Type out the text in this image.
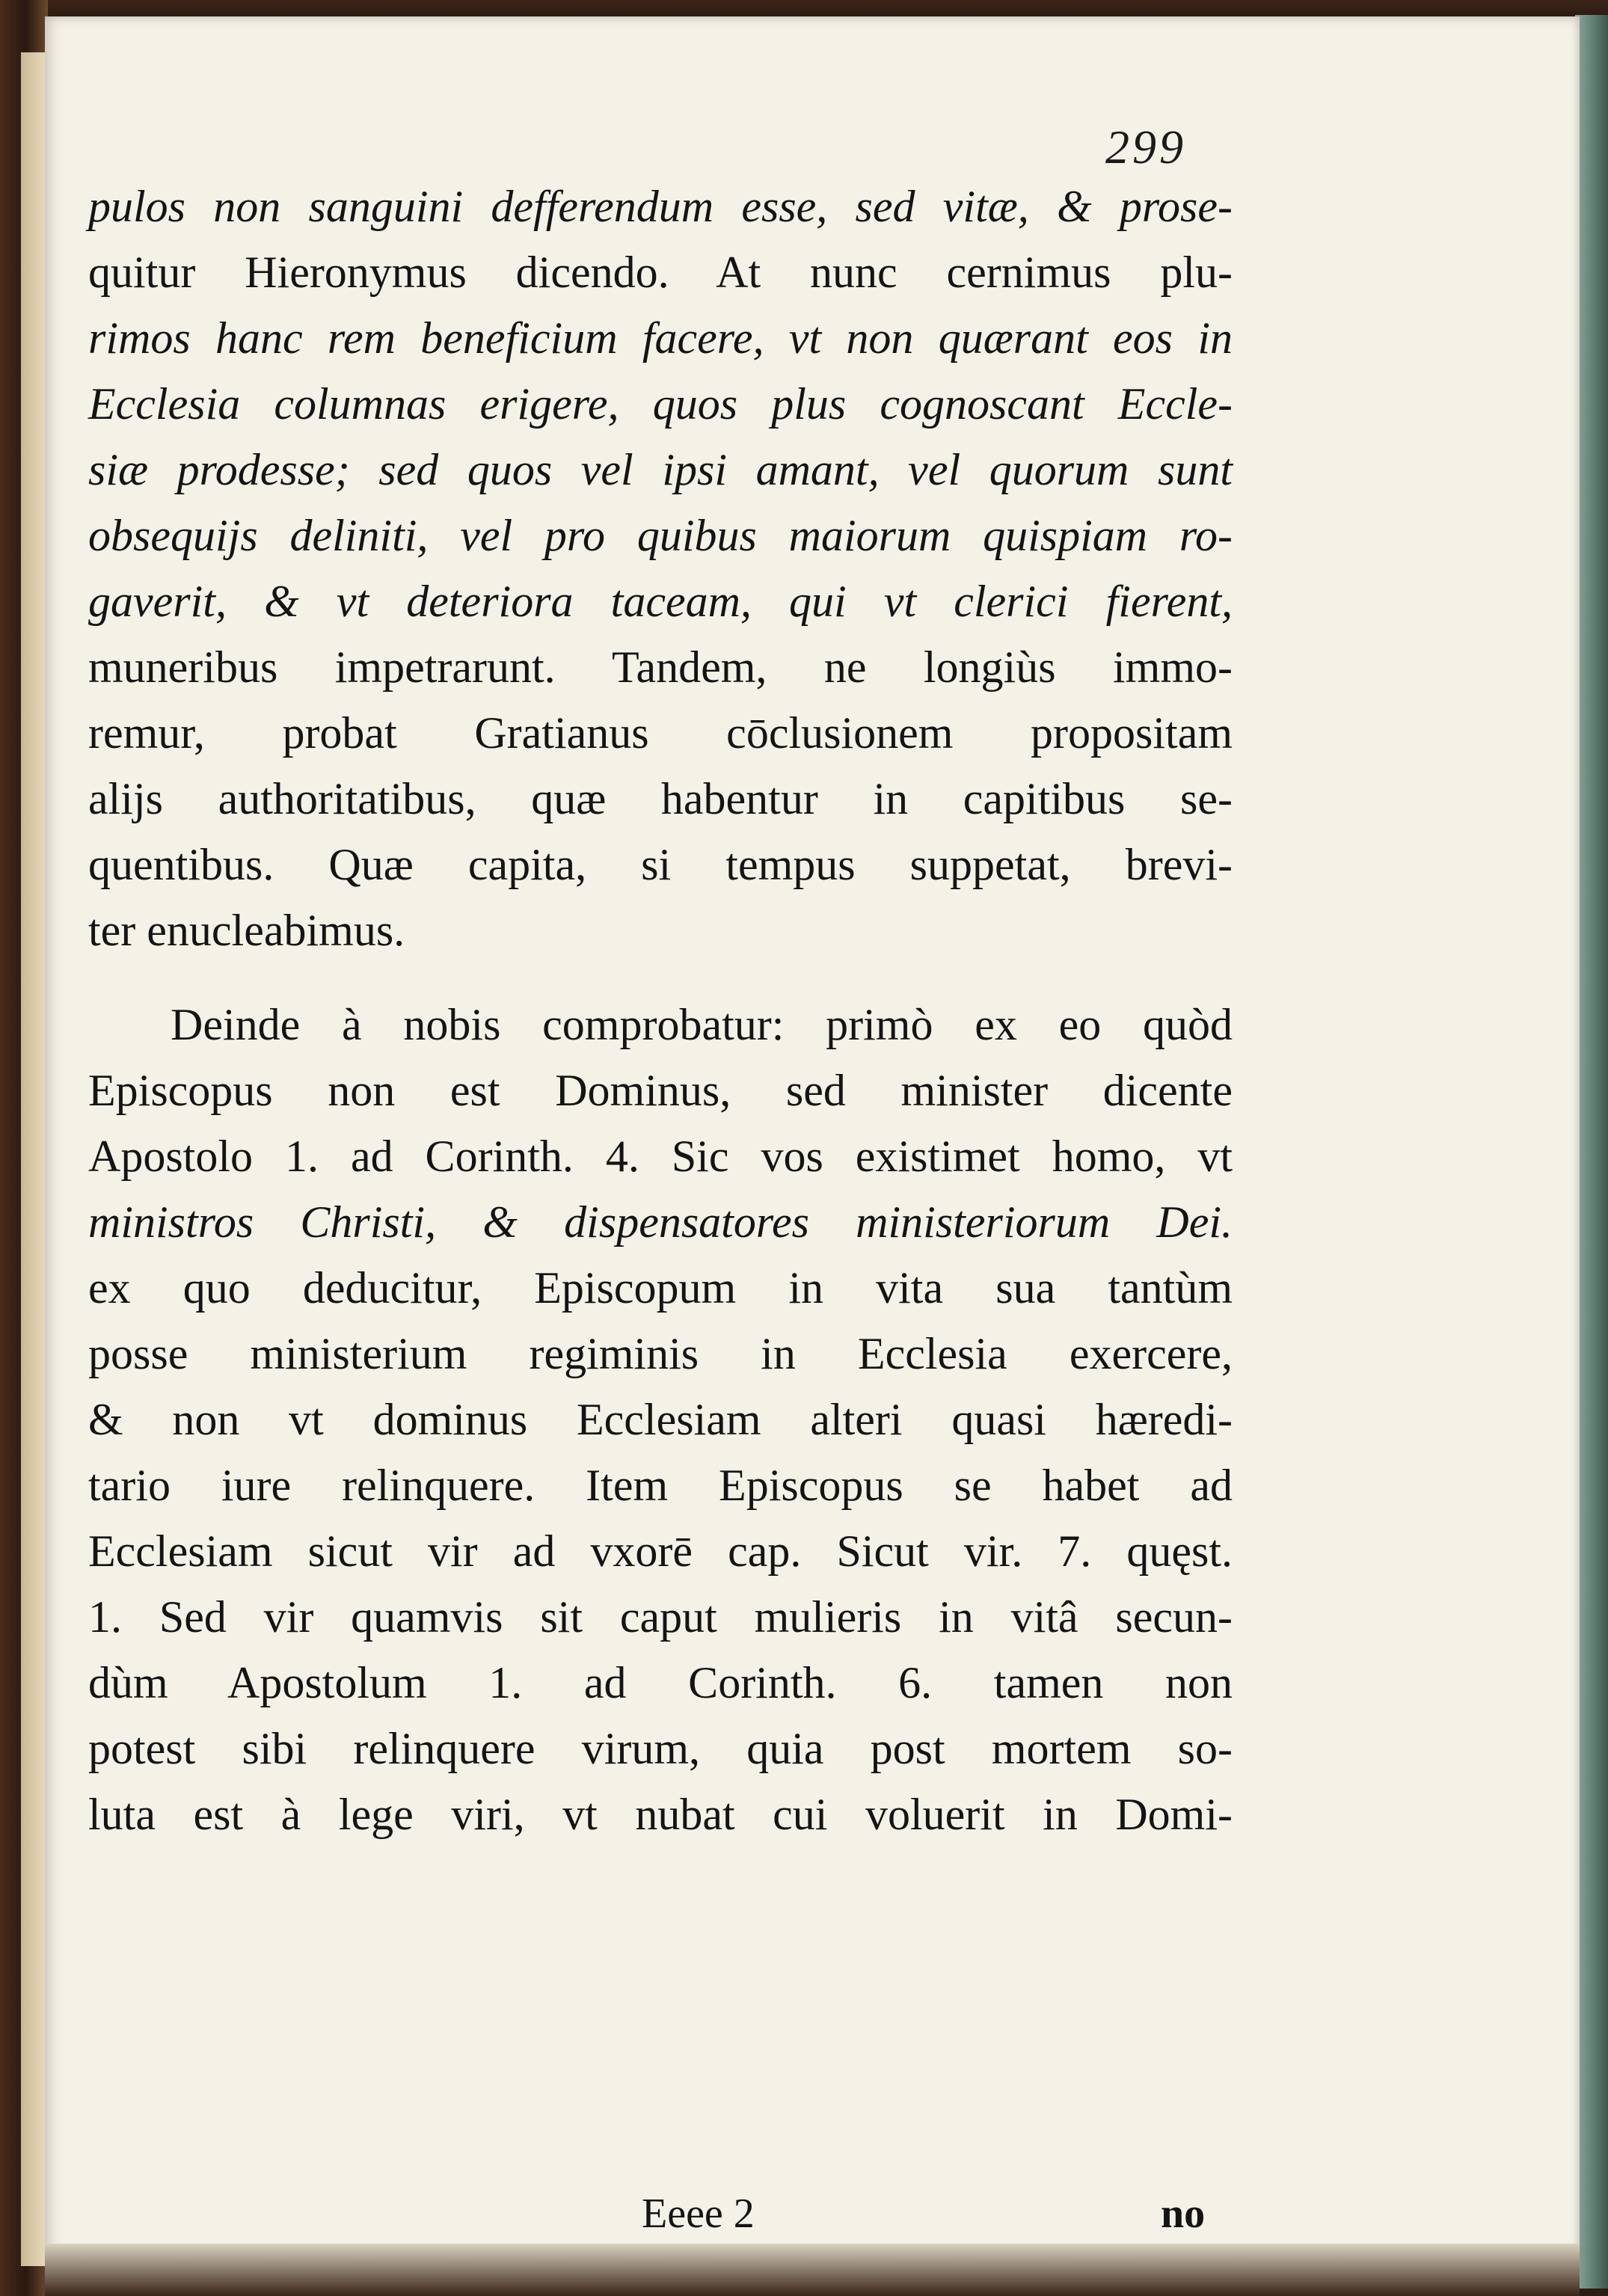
299
pulos non sanguini defferendum esse, sed vitæ, & prose-
quitur Hieronymus dicendo. At nunc cernimus plu-
rimos hanc rem beneficium facere, vt non quærant eos in
Ecclesia columnas erigere, quos plus cognoscant Eccle-
siæ prodesse; sed quos vel ipsi amant, vel quorum sunt
obsequijs deliniti, vel pro quibus maiorum quispiam ro-
gaverit, & vt deteriora taceam, qui vt clerici fierent,
muneribus impetrarunt. Tandem, ne longiùs immo-
remur, probat Gratianus cōclusionem propositam
alijs authoritatibus, quæ habentur in capitibus se-
quentibus. Quæ capita, si tempus suppetat, brevi-
ter enucleabimus.
Deinde à nobis comprobatur: primò ex eo quòd
Episcopus non est Dominus, sed minister dicente
Apostolo 1. ad Corinth. 4. Sic vos existimet homo, vt
ministros Christi, & dispensatores ministeriorum Dei.
ex quo deducitur, Episcopum in vita sua tantùm
posse ministerium regiminis in Ecclesia exercere,
& non vt dominus Ecclesiam alteri quasi hæredi-
tario iure relinquere. Item Episcopus se habet ad
Ecclesiam sicut vir ad vxorē cap. Sicut vir. 7. quęst.
1. Sed vir quamvis sit caput mulieris in vitâ secun-
dùm Apostolum 1. ad Corinth. 6. tamen non
potest sibi relinquere virum, quia post mortem so-
luta est à lege viri, vt nubat cui voluerit in Domi-
Eeee 2	no
